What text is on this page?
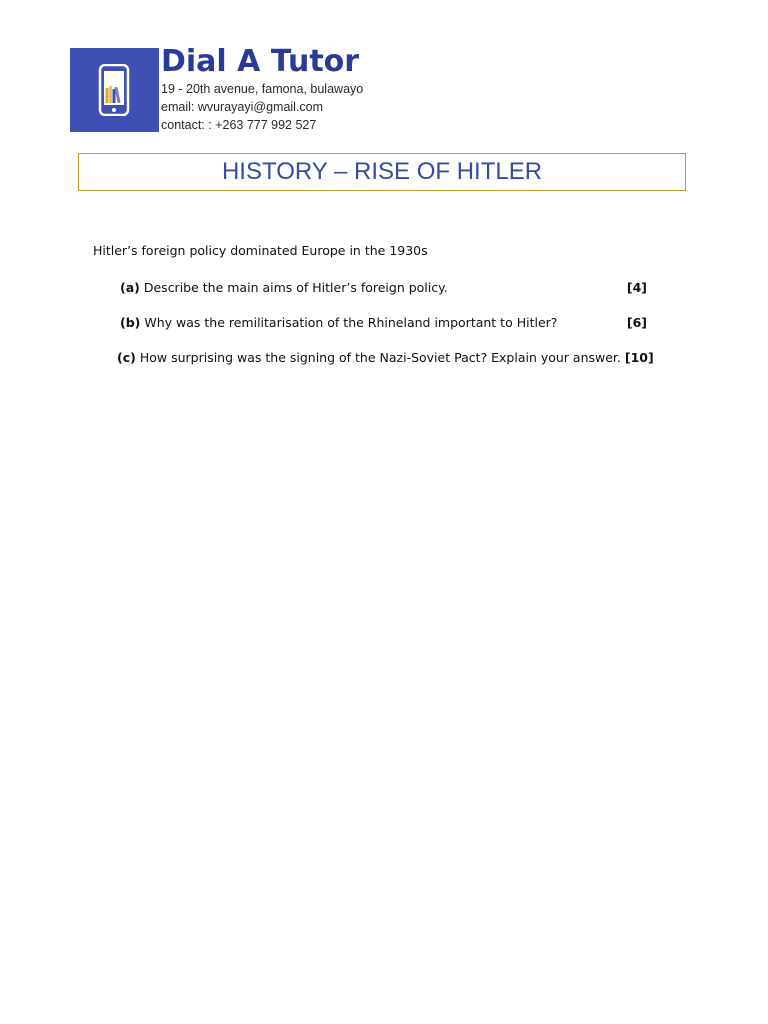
Dial A Tutor
19 - 20th avenue, famona, bulawayo
email: wvurayayi@gmail.com
contact: : +263 777 992 527
HISTORY – RISE OF HITLER
Hitler’s foreign policy dominated Europe in the 1930s
(a) Describe the main aims of Hitler’s foreign policy.	[4]
(b) Why was the remilitarisation of the Rhineland important to Hitler?	[6]
(c) How surprising was the signing of the Nazi-Soviet Pact? Explain your answer. [10]
